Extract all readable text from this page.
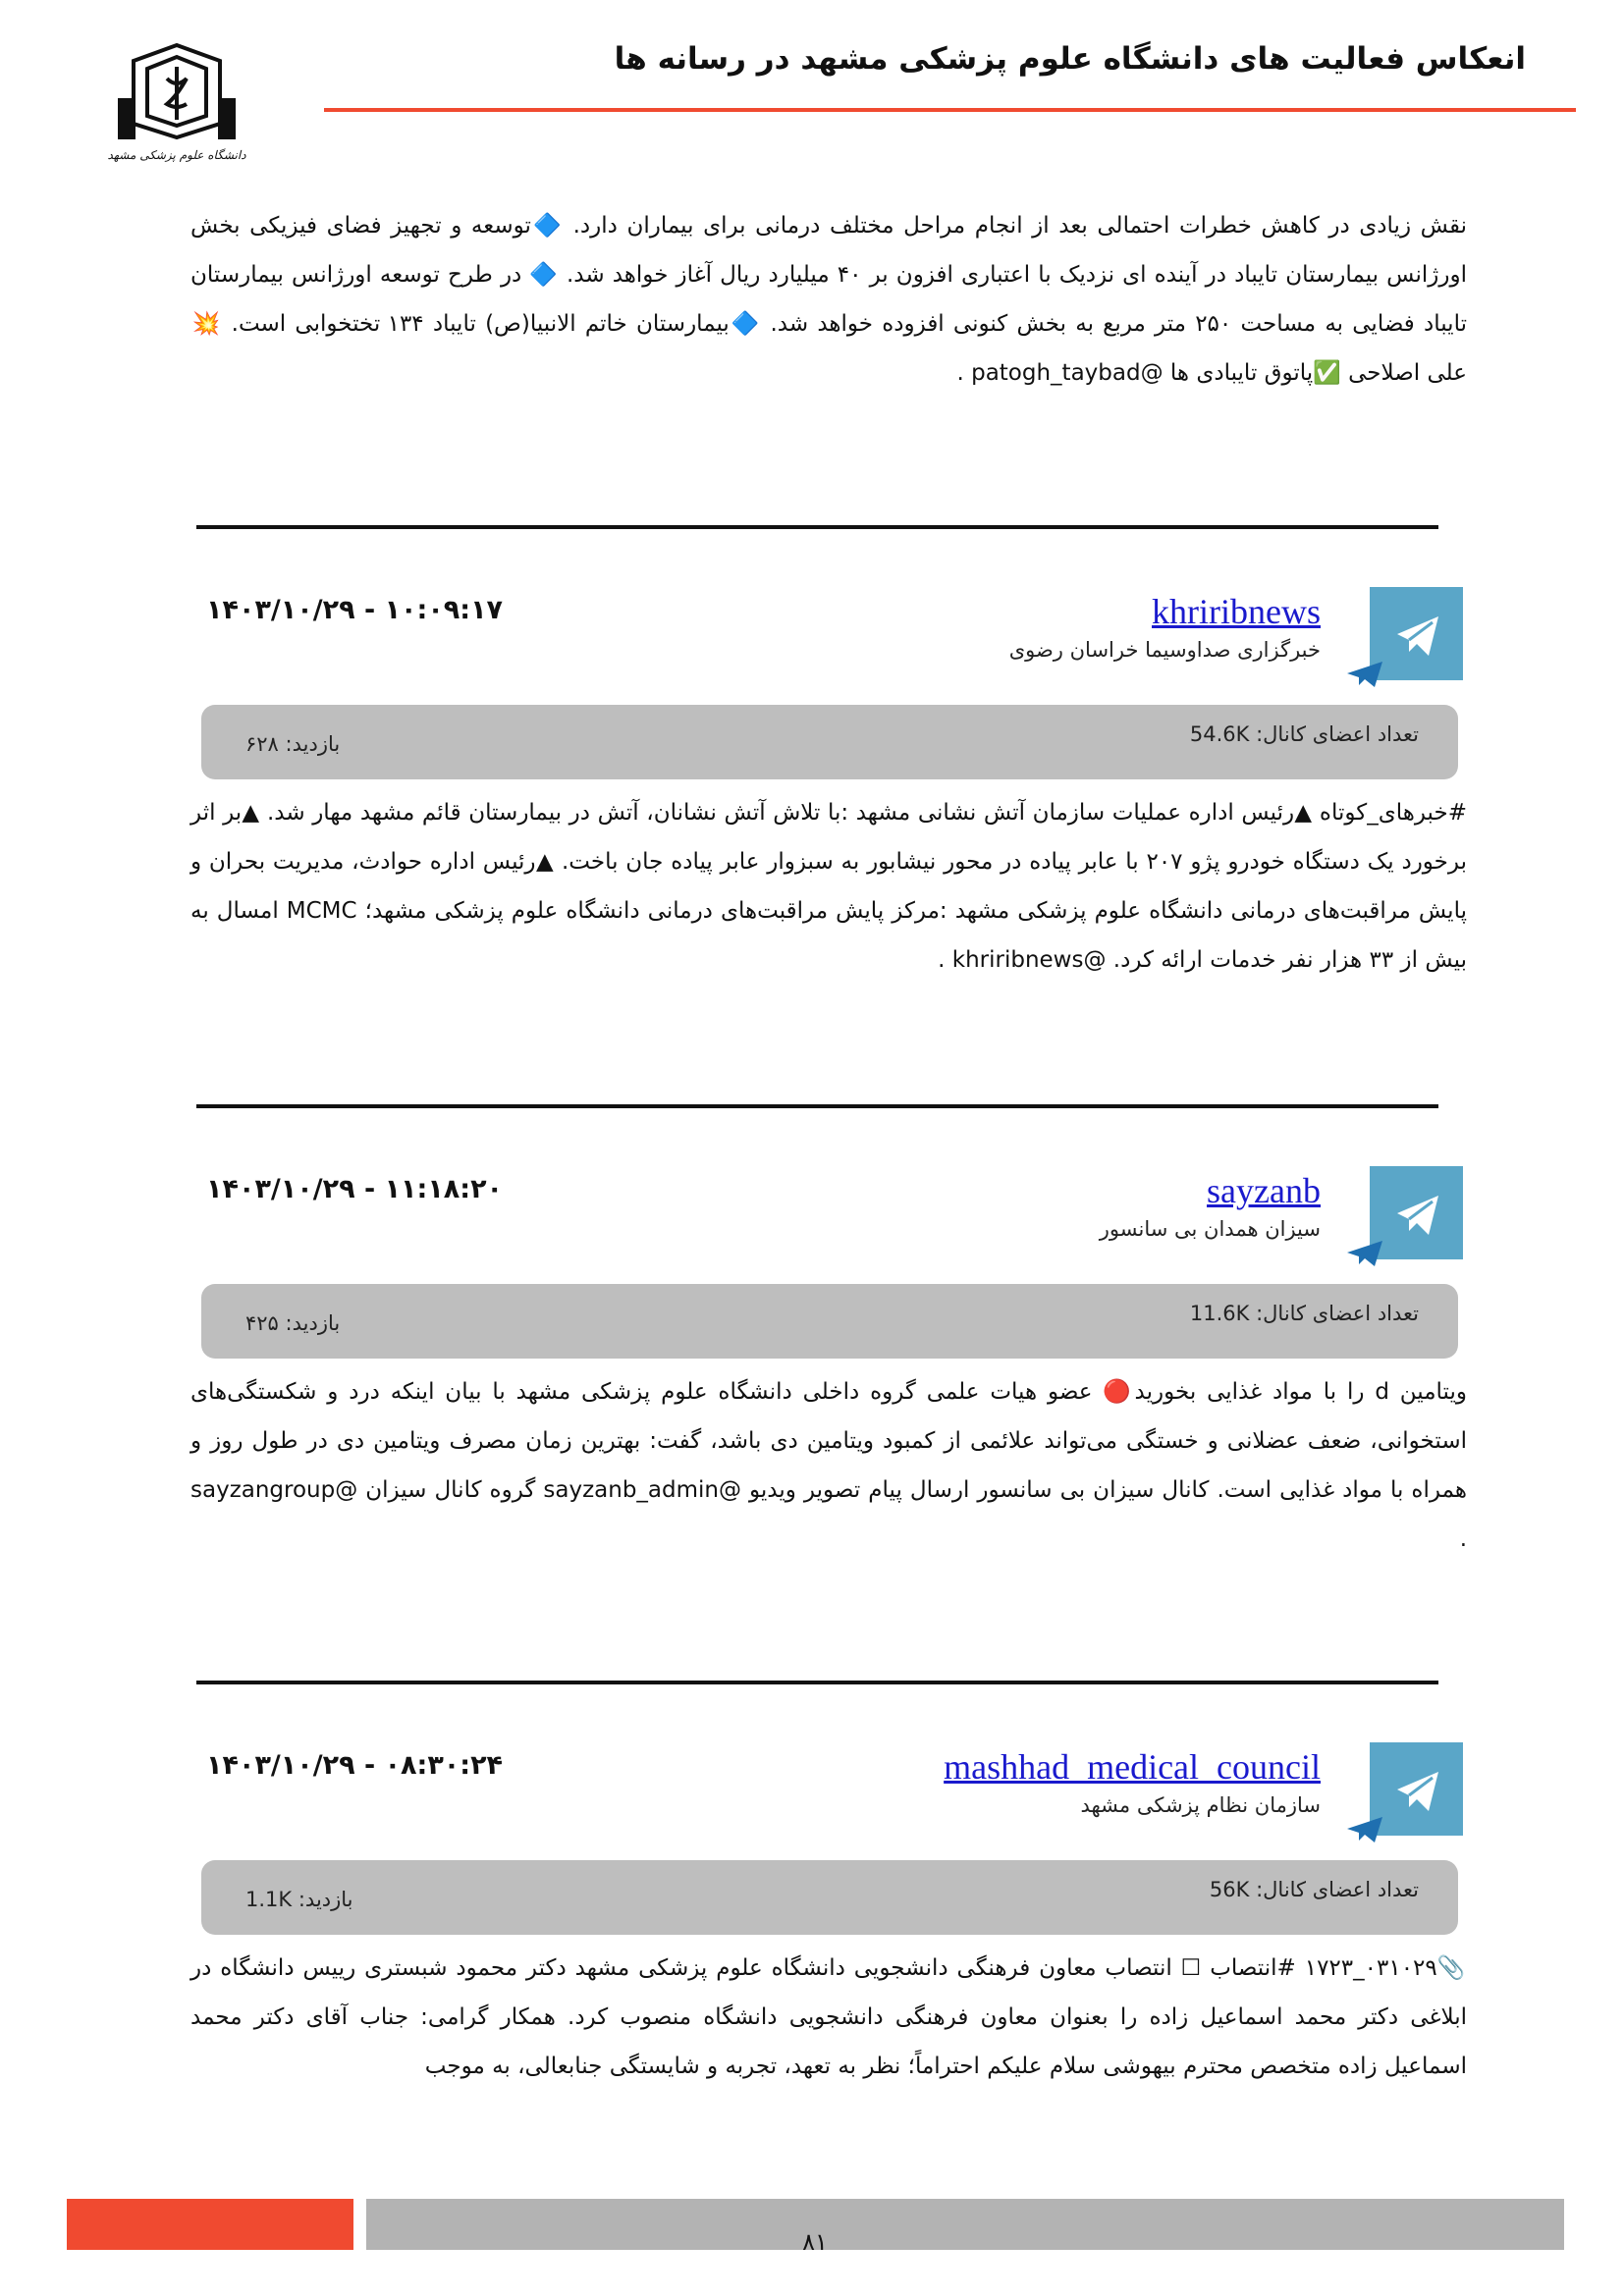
انعکاس فعالیت های دانشگاه علوم پزشکی مشهد در رسانه ها
دانشگاه علوم پزشکی مشهد
نقش زیادی در کاهش خطرات احتمالی بعد از انجام مراحل مختلف درمانی برای بیماران دارد. 🔷توسعه و تجهیز فضای فیزیکی بخش اورژانس بیمارستان تایباد در آینده ای نزدیک با اعتباری افزون بر ۴۰ میلیارد ریال آغاز خواهد شد. 🔷 در طرح توسعه اورژانس بیمارستان تایباد فضایی به مساحت ۲۵۰ متر مربع به بخش کنونی افزوده خواهد شد. 🔷بیمارستان خاتم الانبیا(ص) تایباد ۱۳۴ تختخوابی است. 💥 علی اصلاحی ✅پاتوق تایبادی ها @patogh_taybad .
khriribnews
خبرگزاری صداوسیما خراسان رضوی
۱۴۰۳/۱۰/۲۹ - ۱۰:۰۹:۱۷
تعداد اعضای کانال: 54.6K
بازدید: ۶۲۸
#خبرهای_کوتاه ▲رئیس اداره عملیات سازمان آتش نشانی مشهد :با تلاش آتش نشانان، آتش در بیمارستان قائم مشهد مهار شد. ▲بر اثر برخورد یک دستگاه خودرو پژو ۲۰۷ با عابر پیاده در محور نیشابور به سبزوار عابر پیاده جان باخت. ▲رئیس اداره حوادث، مدیریت بحران و پایش مراقبت‌های درمانی دانشگاه علوم پزشکی مشهد :مرکز پایش مراقبت‌های درمانی دانشگاه علوم پزشکی مشهد؛ MCMC امسال به بیش از ۳۳ هزار نفر خدمات ارائه کرد. @khriribnews .
sayzanb
سیزان همدان بی سانسور
۱۴۰۳/۱۰/۲۹ - ۱۱:۱۸:۲۰
تعداد اعضای کانال: 11.6K
بازدید: ۴۲۵
ویتامین d را با مواد غذایی بخورید🔴 عضو هیات علمی گروه داخلی دانشگاه علوم پزشکی مشهد با بیان اینکه درد و شکستگی‌های استخوانی، ضعف عضلانی و خستگی می‌تواند علائمی از کمبود ویتامین دی باشد، گفت: بهترین زمان مصرف ویتامین دی در طول روز و همراه با مواد غذایی است. کانال سیزان بی سانسور ارسال پیام تصویر ویدیو @sayzanb_admin گروه کانال سیزان @sayzangroup .
mashhad_medical_council
سازمان نظام پزشکی مشهد
۱۴۰۳/۱۰/۲۹ - ۰۸:۳۰:۲۴
تعداد اعضای کانال: 56K
بازدید: 1.1K
📎۰۳۱۰۲۹_۱۷۲۳ #انتصاب ☐ انتصاب معاون فرهنگی دانشجویی دانشگاه علوم پزشکی مشهد دکتر محمود شبستری رییس دانشگاه در ابلاغی دکتر محمد اسماعیل زاده را بعنوان معاون فرهنگی دانشجویی دانشگاه منصوب کرد. همکار گرامی: جناب آقای دکتر محمد اسماعیل زاده متخصص محترم بیهوشی سلام علیکم احتراماً؛ نظر به تعهد، تجربه و شایستگی جنابعالی، به موجب
۸۱
